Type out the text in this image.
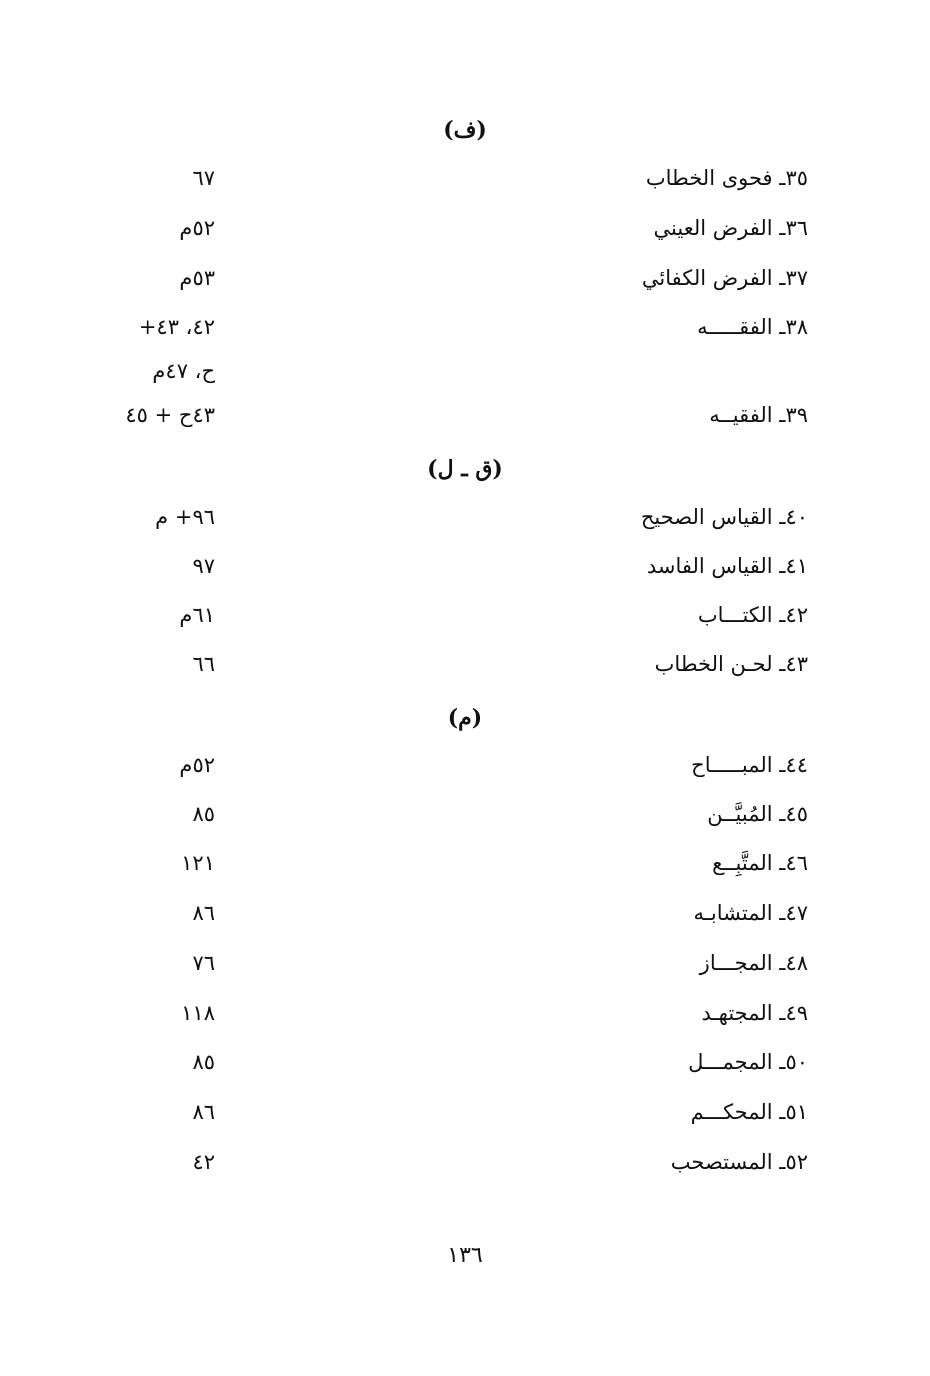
(ف)
٣٥ـ فحوى الخطاب
٦٧
٣٦ـ الفرض العيني
٥٢م
٣٧ـ الفرض الكفائي
٥٣م
٣٨ـ الفقـــــه
٤٢، ٤٣+
ح، ٤٧م
٣٩ـ الفقيــه
٤٣ح + ٤٥
(ق ـ ل)
٤٠ـ القياس الصحيح
٩٦+ م
٤١ـ القياس الفاسد
٩٧
٤٢ـ الكتـــاب
٦١م
٤٣ـ لحـن الخطاب
٦٦
(م)
٤٤ـ المبـــــاح
٥٢م
٤٥ـ المُبيَّــن
٨٥
٤٦ـ المتَّبِــع
١٢١
٤٧ـ المتشابـه
٨٦
٤٨ـ المجـــاز
٧٦
٤٩ـ المجتهـد
١١٨
٥٠ـ المجمـــل
٨٥
٥١ـ المحكـــم
٨٦
٥٢ـ المستصحب
٤٢
١٣٦
